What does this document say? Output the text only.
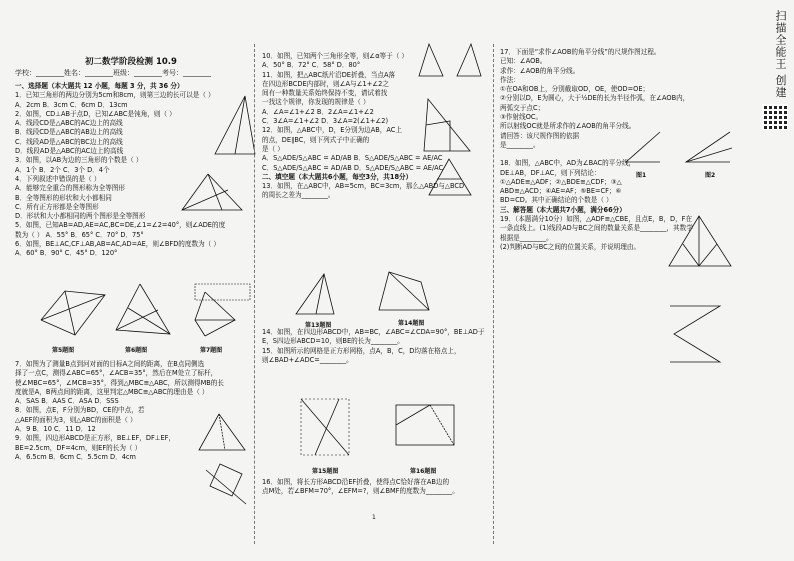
初二数学阶段检测 10.9
学校：________姓名：________班级：________考号：________

一、选择题（本大题共 12 小题，每题 3 分，共 36 分）

1．已知三角形的两边分别为5cm和8cm，则第三边的长可以是（ ）

A．2cm B．3cm C．6cm D．13cm

2．如图，CD⊥AB于点D，已知∠ABC是钝角，则（ ）

A．线段CD是△ABC的AC边上的高线

B．线段CD是△ABC的AB边上的高线

C．线段AD是△ABC的BC边上的高线

D．线段AD是△ABC的AC边上的高线

3．如图，以AB为边的三角形的个数是（ ）

A．1个 B．2个 C．3个 D．4个

4．下列叙述中错误的是（ ）

A．能够完全重合的图形称为全等图形

B．全等图形的形状和大小都相同

C．所有正方形都是全等图形

D．形状和大小都相同的两个图形是全等图形

5．如图，已知AB=AD,AE=AC,BC=DE,∠1=∠2=40°，则∠ADE的度

数为（ ） A．55° B．65° C．70° D．75°

6．如图，BE⊥AC,CF⊥AB,AB=AC,AD=AE，则∠BFD的度数为（ ）

A．60° B．90° C．45° D．120°

第5题图	第6题图	第7题图

7．如图为了测量B点到河对面的目标A之间的距离，在B点同侧选

择了一点C，测得∠ABC=65°，∠ACB=35°，然后在M处立了标杆，

使∠MBC=65°，∠MCB=35°，得到△MBC≌△ABC，所以测得MB的长

度就是A，B两点间的距离，这里判定△MBC≌△ABC的理由是（ ）

A．SAS B．AAS C．ASA D．SSS

8．如图，点E，F分别为BD，CE的中点，若

△AEF的面积为3，则△ABC的面积是（ ）

A．9 B．10 C．11 D．12

9．如图，四边形ABCD是正方形，BE⊥EF，DF⊥EF，

BE=2.5cm，DF=4cm，则EF的长为（ ）

A．6.5cm B．6cm C．5.5cm D．4cm

10．如图，已知两个三角形全等，则∠α等于（ ）

A．50° B．72° C．58° D．80°

11．如图，把△ABC纸片沿DE折叠，当点A落

在四边形BCDE内部时，则∠A与∠1+∠2之

间有一种数量关系始终保持不变，请试着找

一找这个规律，你发现的规律是（ ）

A．∠A=∠1+∠2 B．2∠A=∠1+∠2

C．3∠A=∠1+∠2 D．3∠A=2(∠1+∠2)

12．如图，△ABC中，D，E分别为边AB，AC上

的点，DE∥BC，则下列式子中正确的

是（ ）

A．S△ADE/S△ABC = AD/AB B．S△ADE/S△ABC = AE/AC

C．S△ADE/S△ABC = AD/AB D．S△ADE/S△ABC = AE/AC

二、填空题（本大题共6小题，每空3分，共18分）

13．如图，在△ABC中，AB=5cm，BC=3cm，那么△ABD与△BCD

的周长之差为________。

第13题图	第14题图

14．如图，在四边形ABCD中，AB=BC，∠ABC=∠CDA=90°，BE⊥AD于

E，S四边形ABCD=10，则BE的长为________。

15．如图所示的网格是正方形网格，点A，B，C，D均落在格点上，

则∠BAD+∠ADC=________。

第15题图	第16题图

16．如图，将长方形ABCD沿EF折叠，使得点C恰好落在AB边的

点M处，若∠BFM=70°，∠EFM=?，则∠BMF的度数为________。

17．下面是“求作∠AOB的角平分线”的尺规作图过程。

已知：∠AOB。

求作：∠AOB的角平分线。

作法：

①在OA和OB上，分别截取OD，OE，使OD=OE；

②分别以D，E为圆心，大于½DE的长为半径作弧，在∠AOB内，

两弧交于点C；

③作射线OC。

所以射线OC就是所求作的∠AOB的角平分线。

请回答：该尺规作图的依据

是________。

18．如图，△ABC中，AD为∠BAC的平分线，

DE⊥AB，DF⊥AC，则下列结论：

①△ADE≌△ADF；②△BDE≌△CDF；③△

ABD≌△ACD；④AE=AF；⑤BE=CF；⑥

BD=CD。其中正确结论的个数是（ ）

三、解答题（本大题共7小题，满分66分）

19．（本题满分10分）如图，△ADF≌△CBE，且点E，B，D，F在

一条直线上。(1)线段AD与BC之间的数量关系是________，其数学

根据是________。

(2)判断AD与BC之间的位置关系，并说明理由。

图1	图2
扫描全能王 创建
1
